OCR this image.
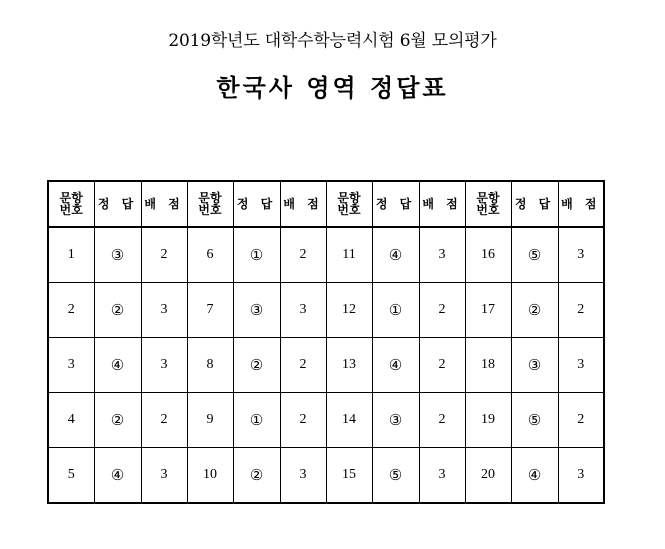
2019학년도 대학수학능력시험 6월 모의평가
한국사 영역 정답표
문항번호	정 답	배 점	문항번호	정 답	배 점	문항번호	정 답	배 점	문항번호	정 답	배 점
1	③	2	6	①	2	11	④	3	16	⑤	3
2	②	3	7	③	3	12	①	2	17	②	2
3	④	3	8	②	2	13	④	2	18	③	3
4	②	2	9	①	2	14	③	2	19	⑤	2
5	④	3	10	②	3	15	⑤	3	20	④	3
